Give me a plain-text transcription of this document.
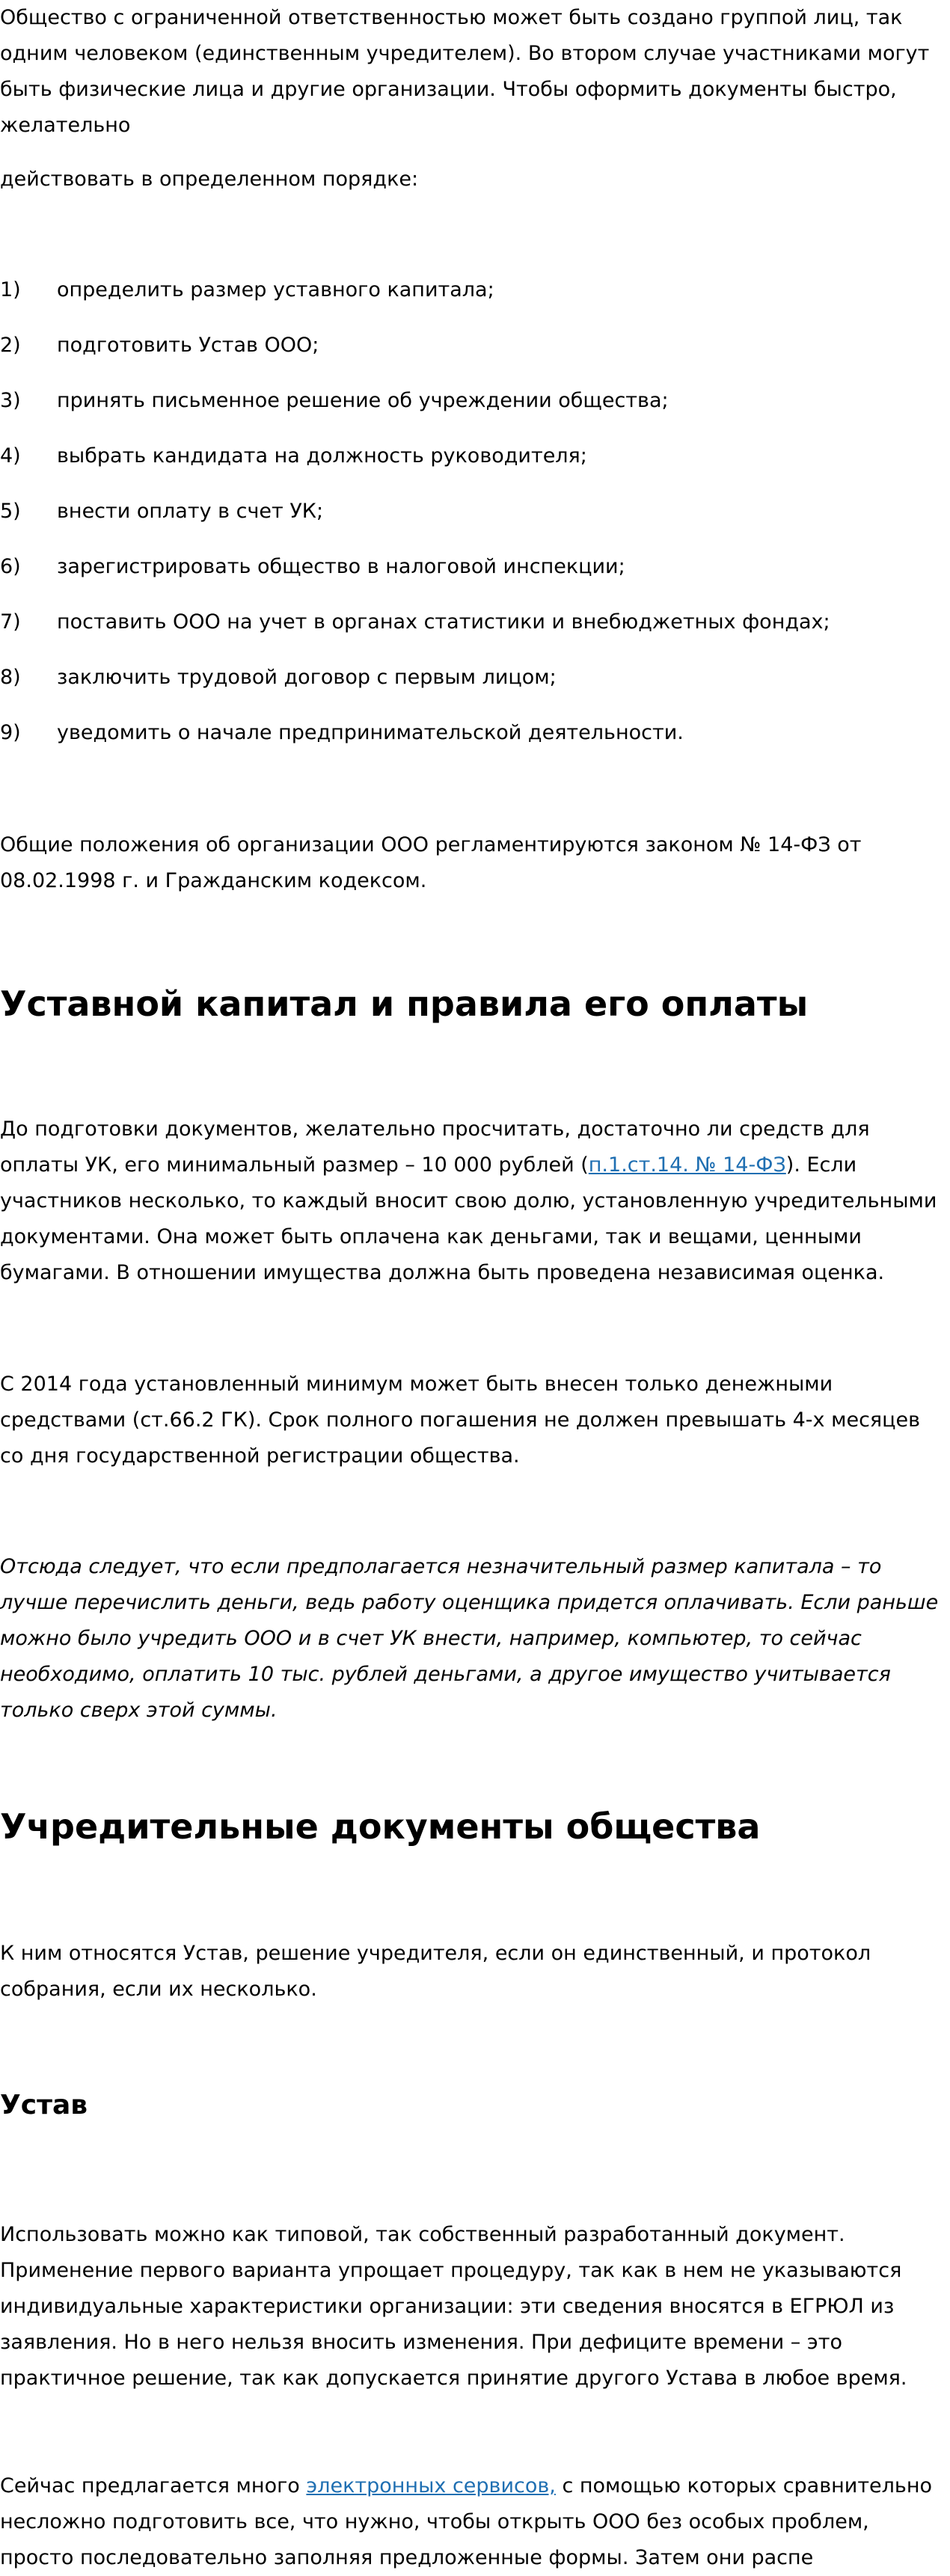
Общество с ограниченной ответственностью может быть создано группой лиц, так одним человеком (единственным учредителем). Во втором случае участниками могут быть физические лица и другие организации. Чтобы оформить документы быстро, желательно

действовать в определенном порядке:

1) определить размер уставного капитала;
2) подготовить Устав ООО;
3) принять письменное решение об учреждении общества;
4) выбрать кандидата на должность руководителя;
5) внести оплату в счет УК;
6) зарегистрировать общество в налоговой инспекции;
7) поставить ООО на учет в органах статистики и внебюджетных фондах;
8) заключить трудовой договор с первым лицом;
9) уведомить о начале предпринимательской деятельности.

Общие положения об организации ООО регламентируются законом № 14-ФЗ от 08.02.1998 г. и Гражданским кодексом.

Уставной капитал и правила его оплаты

До подготовки документов, желательно просчитать, достаточно ли средств для оплаты УК, его минимальный размер – 10 000 рублей (п.1.ст.14. № 14-ФЗ). Если участников несколько, то каждый вносит свою долю, установленную учредительными документами. Она может быть оплачена как деньгами, так и вещами, ценными бумагами. В отношении имущества должна быть проведена независимая оценка.

С 2014 года установленный минимум может быть внесен только денежными средствами (ст.66.2 ГК). Срок полного погашения не должен превышать 4-х месяцев со дня государственной регистрации общества.

Отсюда следует, что если предполагается незначительный размер капитала – то лучше перечислить деньги, ведь работу оценщика придется оплачивать. Если раньше можно было учредить ООО и в счет УК внести, например, компьютер, то сейчас необходимо, оплатить 10 тыс. рублей деньгами, а другое имущество учитывается только сверх этой суммы.

Учредительные документы общества

К ним относятся Устав, решение учредителя, если он единственный, и протокол собрания, если их несколько.

Устав

Использовать можно как типовой, так собственный разработанный документ. Применение первого варианта упрощает процедуру, так как в нем не указываются индивидуальные характеристики организации: эти сведения вносятся в ЕГРЮЛ из заявления. Но в него нельзя вносить изменения. При дефиците времени – это практичное решение, так как допускается принятие другого Устава в любое время.

Сейчас предлагается много электронных сервисов, с помощью которых сравнительно несложно подготовить все, что нужно, чтобы открыть ООО без особых проблем, просто последовательно заполняя предложенные формы. Затем они распе
